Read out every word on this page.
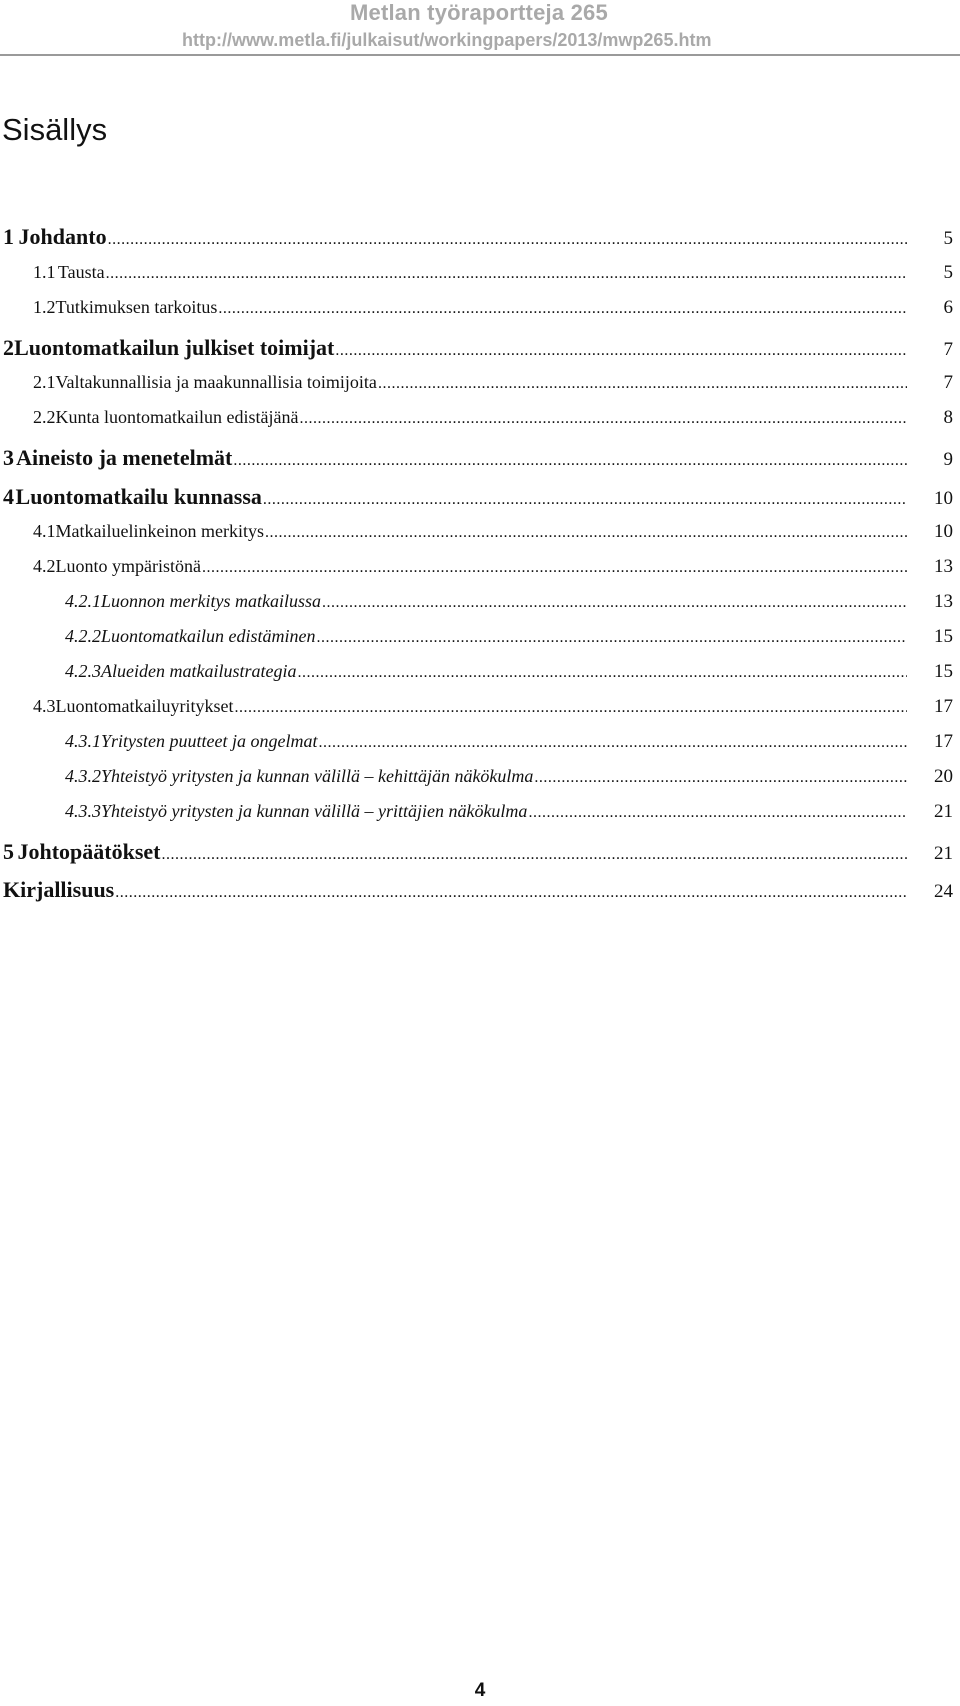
Metlan työraportteja 265
http://www.metla.fi/julkaisut/workingpapers/2013/mwp265.htm
Sisällys
1 Johdanto .....	5
1.1 Tausta .....	5
1.2 Tutkimuksen tarkoitus .....	6
2 Luontomatkailun julkiset toimijat .....	7
2.1 Valtakunnallisia ja maakunnallisia toimijoita .....	7
2.2 Kunta luontomatkailun edistäjänä .....	8
3 Aineisto ja menetelmät .....	9
4 Luontomatkailu kunnassa .....	10
4.1 Matkailuelinkeinon merkitys .....	10
4.2 Luonto ympäristönä .....	13
4.2.1 Luonnon merkitys matkailussa .....	13
4.2.2 Luontomatkailun edistäminen .....	15
4.2.3 Alueiden matkailustrategia .....	15
4.3 Luontomatkailuyritykset .....	17
4.3.1 Yritysten puutteet ja ongelmat .....	17
4.3.2 Yhteistyö yritysten ja kunnan välillä – kehittäjän näkökulma .....	20
4.3.3 Yhteistyö yritysten ja kunnan välillä – yrittäjien näkökulma .....	21
5 Johtopäätökset .....	21
Kirjallisuus .....	24
4
